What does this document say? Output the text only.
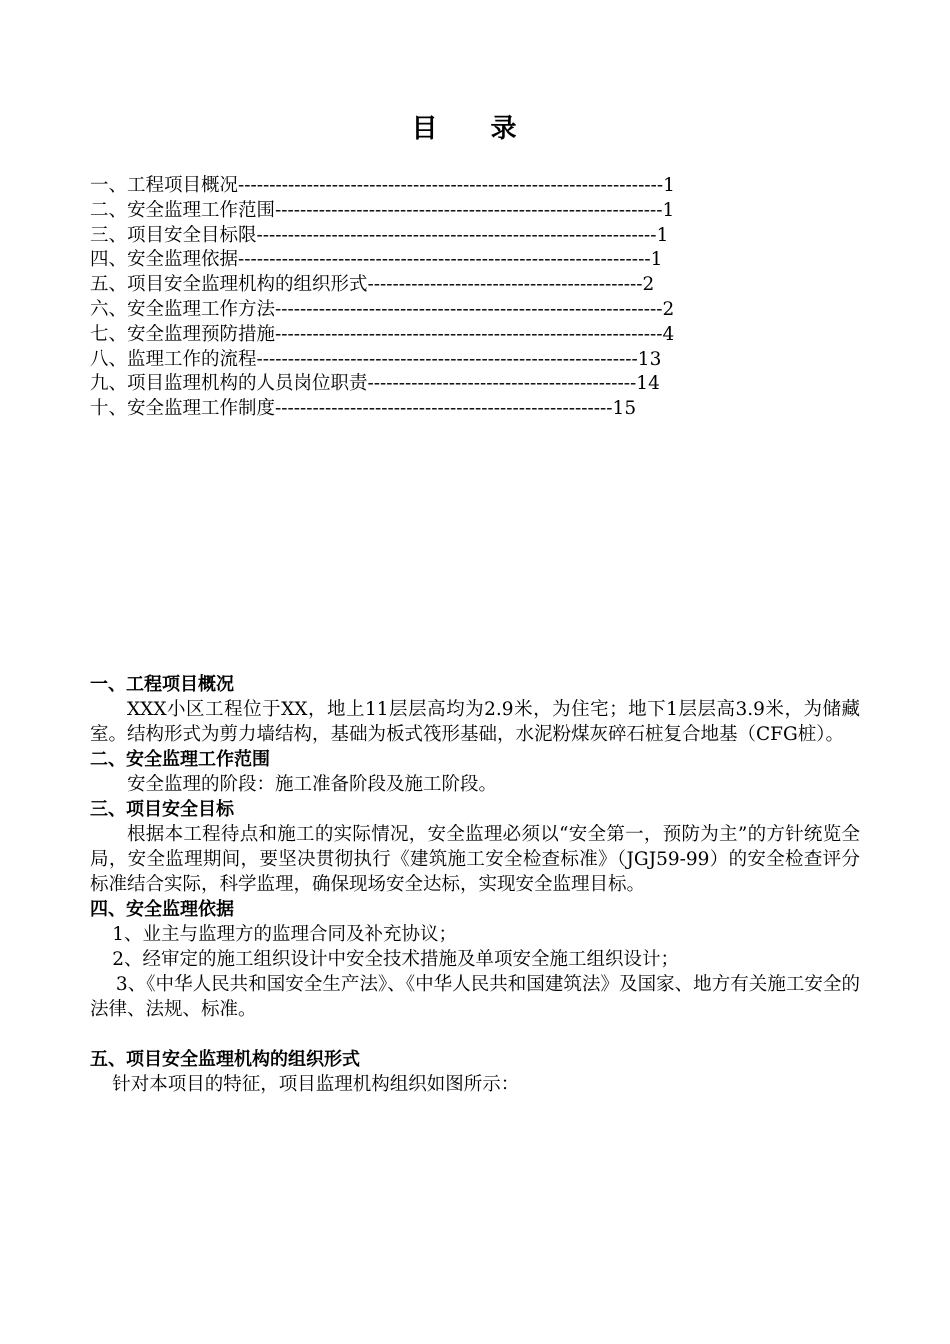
目 录
一、工程项目概况--------------------------------------------------------------------1
二、安全监理工作范围--------------------------------------------------------------1
三、项目安全目标限----------------------------------------------------------------1
四、安全监理依据------------------------------------------------------------------1
五、项目安全监理机构的组织形式--------------------------------------------2
六、安全监理工作方法--------------------------------------------------------------2
七、安全监理预防措施--------------------------------------------------------------4
八、监理工作的流程-------------------------------------------------------------13
九、项目监理机构的人员岗位职责-------------------------------------------14
十、安全监理工作制度------------------------------------------------------15
一、工程项目概况
XXX小区工程位于XX，地上11层层高均为2.9米，为住宅；地下1层层高3.9米，为储藏室。结构形式为剪力墙结构，基础为板式筏形基础，水泥粉煤灰碎石桩复合地基（CFG桩）。
二、安全监理工作范围
安全监理的阶段：施工准备阶段及施工阶段。
三、项目安全目标
根据本工程待点和施工的实际情况，安全监理必须以“安全第一，预防为主”的方针统览全局，安全监理期间，要坚决贯彻执行《建筑施工安全检查标准》（JGJ59-99）的安全检查评分标准结合实际，科学监理，确保现场安全达标，实现安全监理目标。
四、安全监理依据
1、业主与监理方的监理合同及补充协议；
2、经审定的施工组织设计中安全技术措施及单项安全施工组织设计；
3、《中华人民共和国安全生产法》、《中华人民共和国建筑法》及国家、地方有关施工安全的法律、法规、标准。
五、项目安全监理机构的组织形式
针对本项目的特征，项目监理机构组织如图所示：
